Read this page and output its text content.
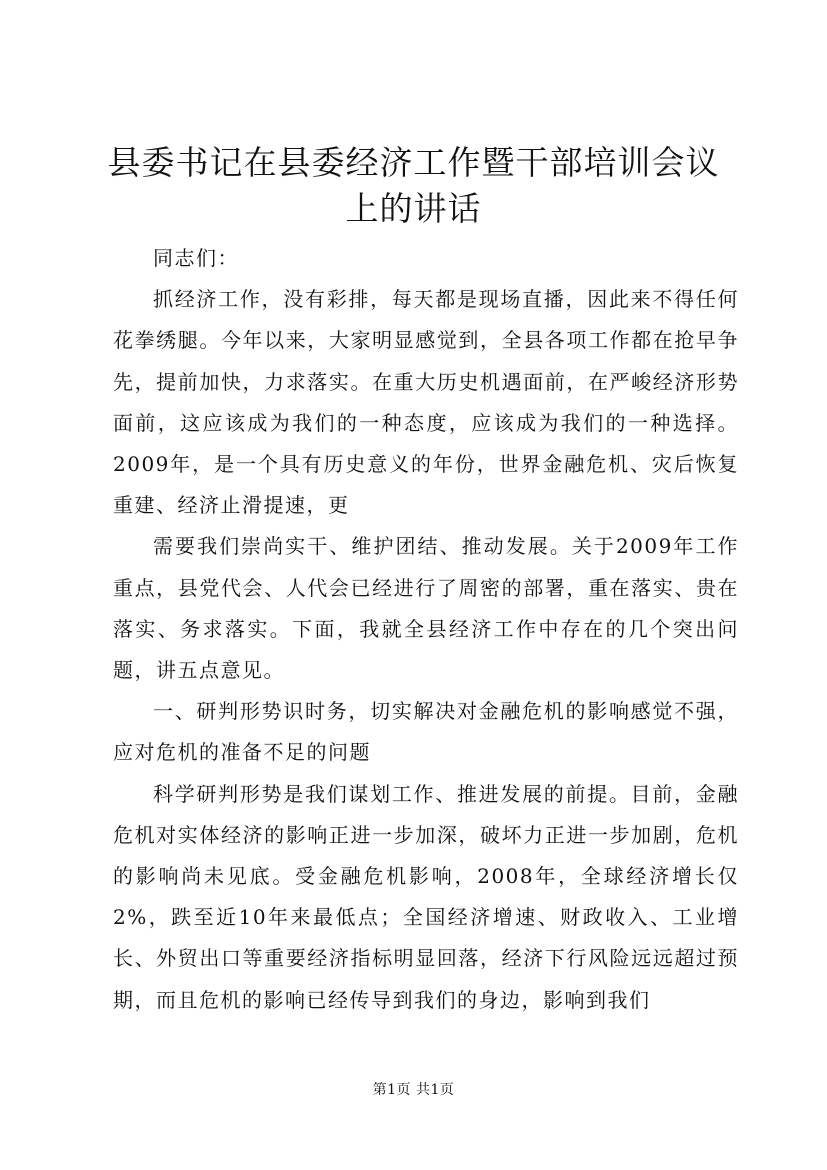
县委书记在县委经济工作暨干部培训会议上的讲话

同志们：

抓经济工作，没有彩排，每天都是现场直播，因此来不得任何花拳绣腿。今年以来，大家明显感觉到，全县各项工作都在抢早争先，提前加快，力求落实。在重大历史机遇面前，在严峻经济形势面前，这应该成为我们的一种态度，应该成为我们的一种选择。2009年，是一个具有历史意义的年份，世界金融危机、灾后恢复重建、经济止滑提速，更

需要我们崇尚实干、维护团结、推动发展。关于2009年工作重点，县党代会、人代会已经进行了周密的部署，重在落实、贵在落实、务求落实。下面，我就全县经济工作中存在的几个突出问题，讲五点意见。

一、研判形势识时务，切实解决对金融危机的影响感觉不强，应对危机的准备不足的问题

科学研判形势是我们谋划工作、推进发展的前提。目前，金融危机对实体经济的影响正进一步加深，破坏力正进一步加剧，危机的影响尚未见底。受金融危机影响，2008年，全球经济增长仅2%，跌至近10年来最低点；全国经济增速、财政收入、工业增长、外贸出口等重要经济指标明显回落，经济下行风险远远超过预期，而且危机的影响已经传导到我们的身边，影响到我们

第1页 共1页
